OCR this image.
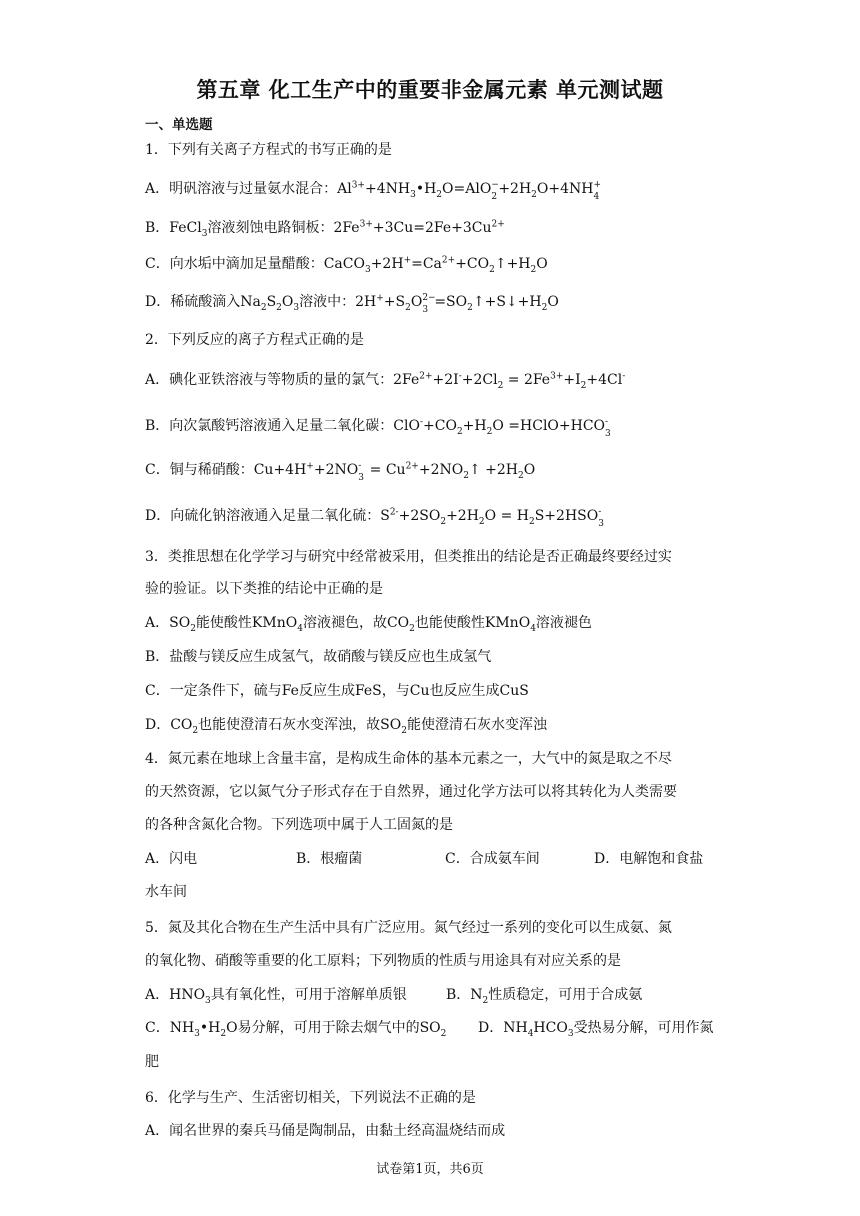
第五章 化工生产中的重要非金属元素 单元测试题
一、单选题
1．下列有关离子方程式的书写正确的是
A．明矾溶液与过量氨水混合：$Al^{3+}+4NH_3•H_2O=AlO$ −
$2 +2H_2O+4NH$ +
4
B．FeCl$_3$溶液刻蚀电路铜板：$2Fe^{3+}+3Cu=2Fe+3Cu^{2+}$
C．向水垢中滴加足量醋酸：$CaCO_3+2H^+=Ca^{2+}+CO_2↑+H_2O$
D．稀硫酸滴入$Na_2S_2O_3$溶液中：$2H^++S_2O$ 2−
$3 =SO_2↑+S↓+H_2O$
2．下列反应的离子方程式正确的是
A．碘化亚铁溶液与等物质的量的氯气：$2Fe^{2+}+2I^-+2Cl_2 = 2Fe^{3+}+I_2+4Cl^-$
B．向次氯酸钙溶液通入足量二氧化碳：$ClO^-+CO_2+H_2O$ =HClO+HCO -
3
C．铜与稀硝酸：Cu+4H++2NO -
$3 = Cu^{2+}+2NO_2↑ +2H_2O$
D．向硫化钠溶液通入足量二氧化硫：$S^{2-}+2SO_2+2H_2O = H_2S+2HSO$ -
3
3．类推思想在化学学习与研究中经常被采用，但类推出的结论是否正确最终要经过实
验的验证。以下类推的结论中正确的是
A．$SO_2$能使酸性KMnO$_4$溶液褪色，故$CO_2$也能使酸性KMnO$_4$溶液褪色
B．盐酸与镁反应生成氢气，故硝酸与镁反应也生成氢气
C．一定条件下，硫与Fe反应生成FeS，与Cu也反应生成CuS
D．$CO_2$也能使澄清石灰水变浑浊，故$SO_2$能使澄清石灰水变浑浊
4．氮元素在地球上含量丰富，是构成生命体的基本元素之一，大气中的氮是取之不尽
的天然资源，它以氮气分子形式存在于自然界，通过化学方法可以将其转化为人类需要
的各种含氮化合物。下列选项中属于人工固氮的是
A．闪电	B．根瘤菌	C．合成氨车间	D．电解饱和食盐
水车间
5．氮及其化合物在生产生活中具有广泛应用。氮气经过一系列的变化可以生成氨、氮
的氧化物、硝酸等重要的化工原料；下列物质的性质与用途具有对应关系的是
A．$HNO_3$具有氧化性，可用于溶解单质银	B．$N_2$性质稳定，可用于合成氨
C．$NH_3•H_2O$易分解，可用于除去烟气中的$SO_2$ D．$NH_4HCO_3$受热易分解，可用作氮
肥
6．化学与生产、生活密切相关，下列说法不正确的是
A．闻名世界的秦兵马俑是陶制品，由黏土经高温烧结而成
试卷第1页，共6页
